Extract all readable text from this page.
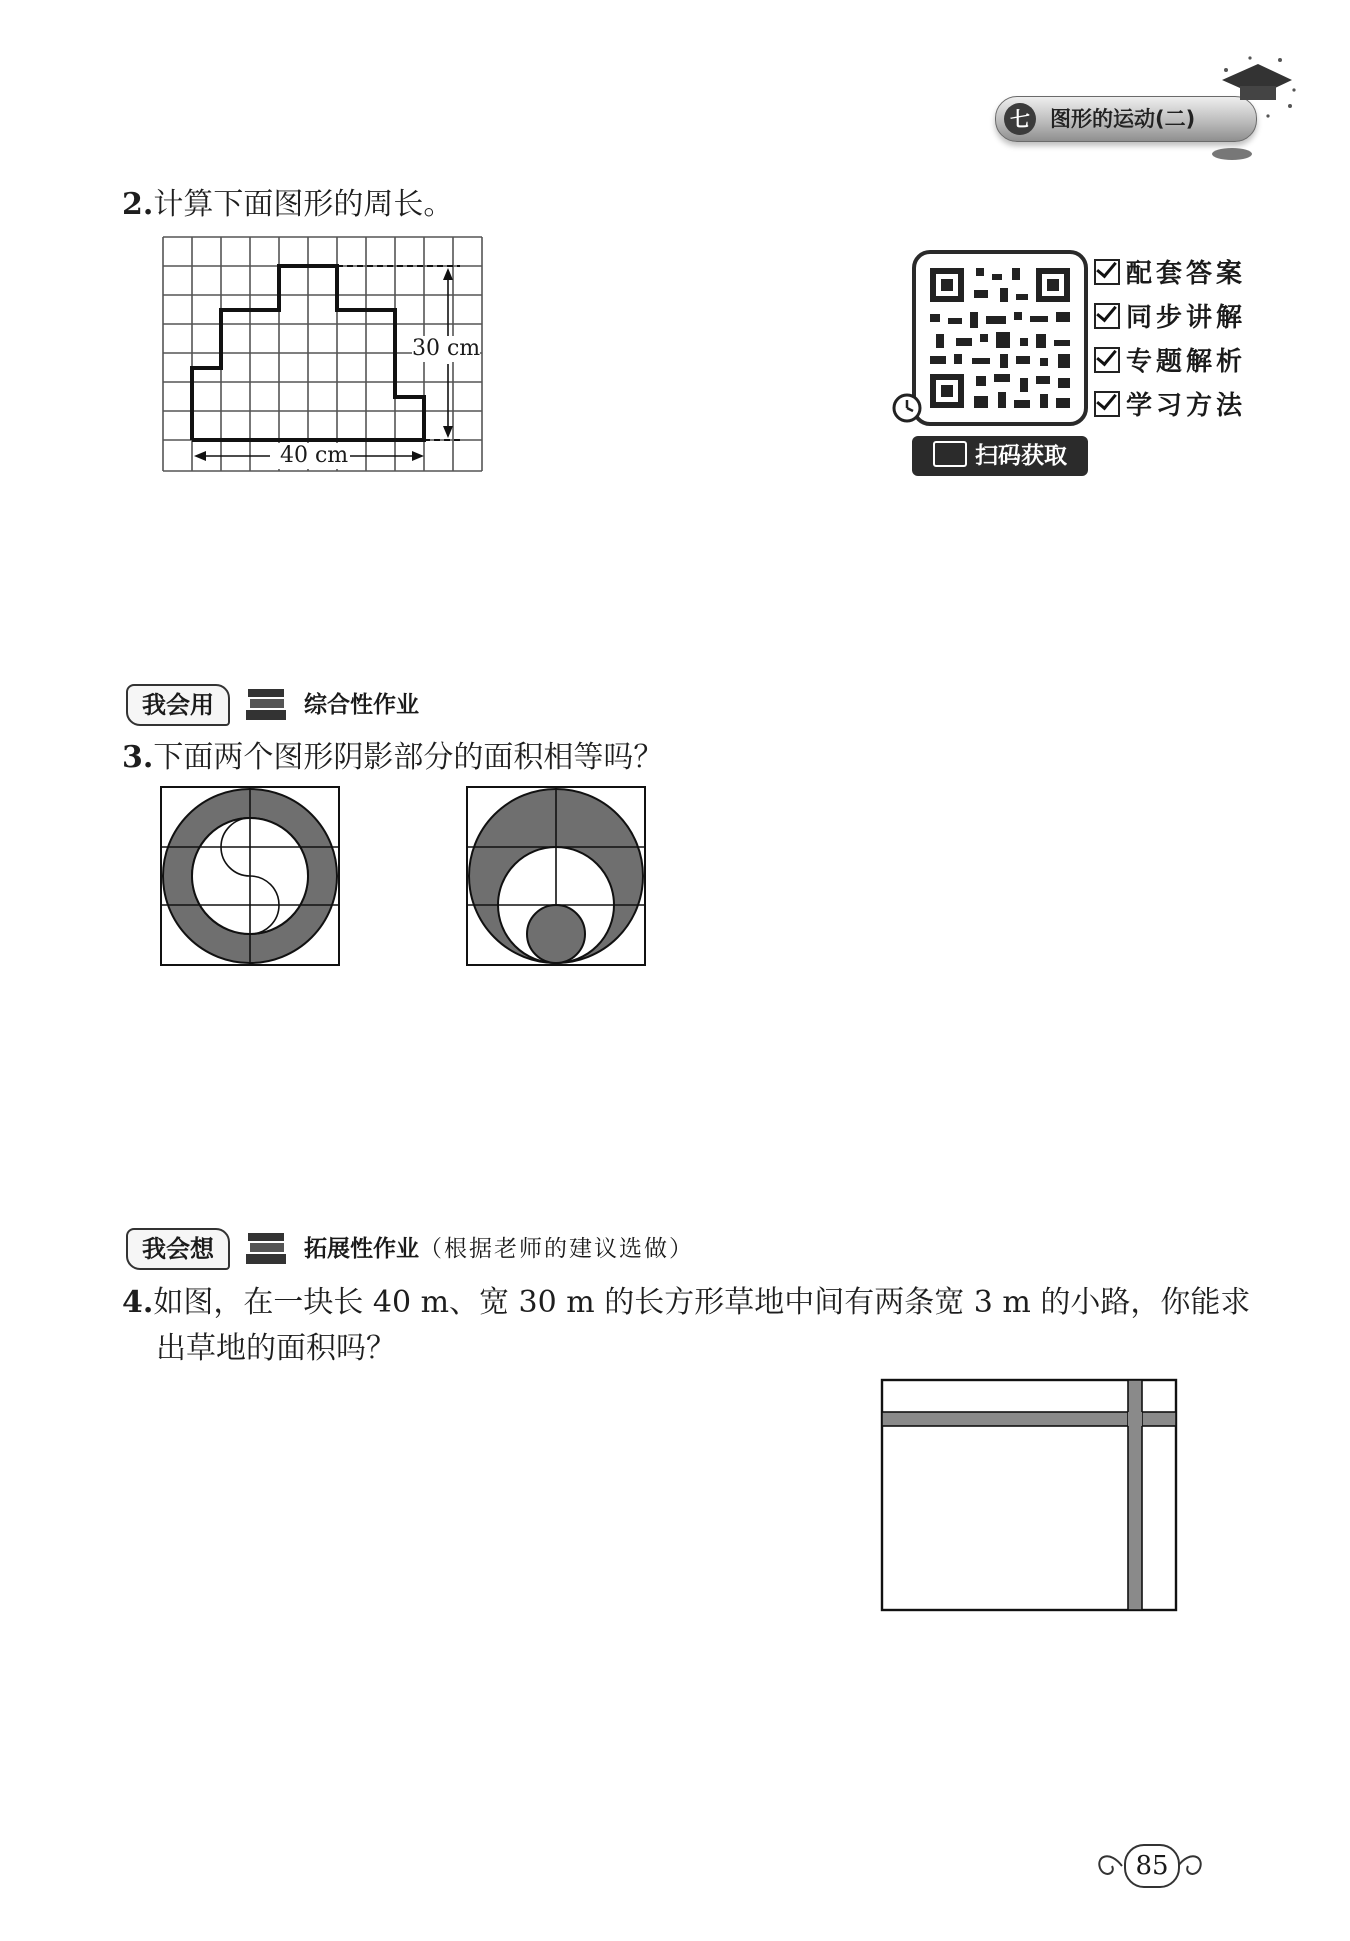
七 图形的运动(二)
2.计算下面图形的周长。
30 cm
40 cm	扫码获取
配套答案
同步讲解
专题解析
学习方法
我会用	综合性作业
3.下面两个图形阴影部分的面积相等吗？
我会想	拓展性作业（根据老师的建议选做）
4.如图，在一块长 40 m、宽 30 m 的长方形草地中间有两条宽 3 m 的小路，你能求
出草地的面积吗？
85
